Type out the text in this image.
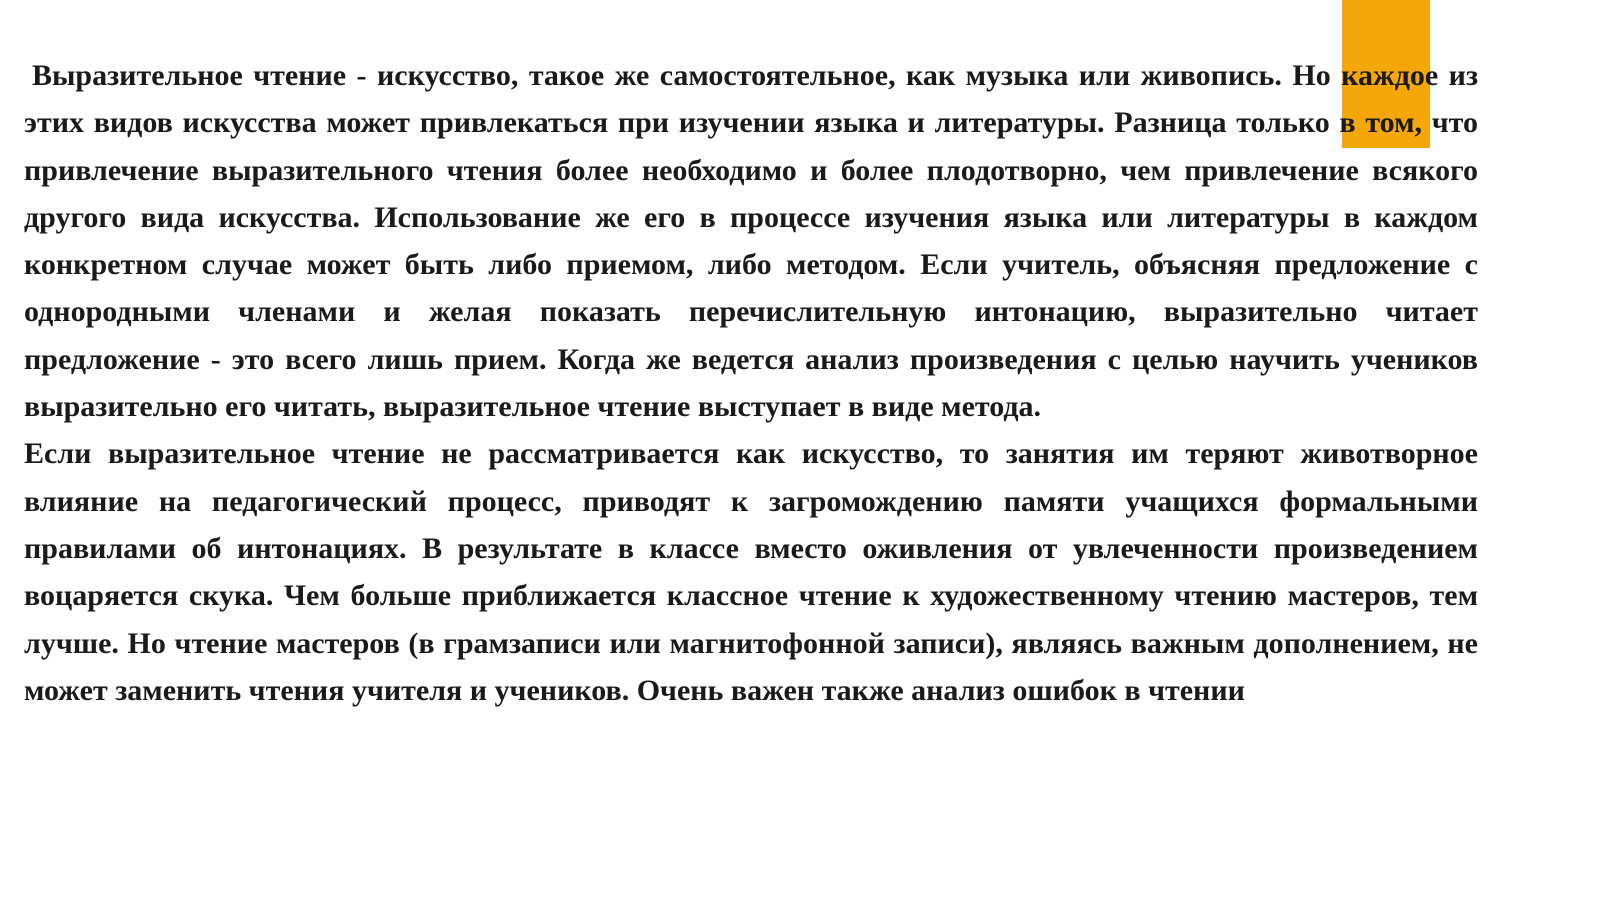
Выразительное чтение - искусство, такое же самостоятельное, как музыка или живопись. Но каждое из этих видов искусства может привлекаться при изучении языка и литературы. Разница только в том, что привлечение выразительного чтения более необходимо и более плодотворно, чем привлечение всякого другого вида искусства. Использование же его в процессе изучения языка или литературы в каждом конкретном случае может быть либо приемом, либо методом. Если учитель, объясняя предложение с однородными членами и желая показать перечислительную интонацию, выразительно читает предложение - это всего лишь прием. Когда же ведется анализ произведения с целью научить учеников выразительно его читать, выразительное чтение выступает в виде метода.

Если выразительное чтение не рассматривается как искусство, то занятия им теряют животворное влияние на педагогический процесс, приводят к загромождению памяти учащихся формальными правилами об интонациях. В результате в классе вместо оживления от увлеченности произведением воцаряется скука. Чем больше приближается классное чтение к художественному чтению мастеров, тем лучше. Но чтение мастеров (в грамзаписи или магнитофонной записи), являясь важным дополнением, не может заменить чтения учителя и учеников. Очень важен также анализ ошибок в чтении
